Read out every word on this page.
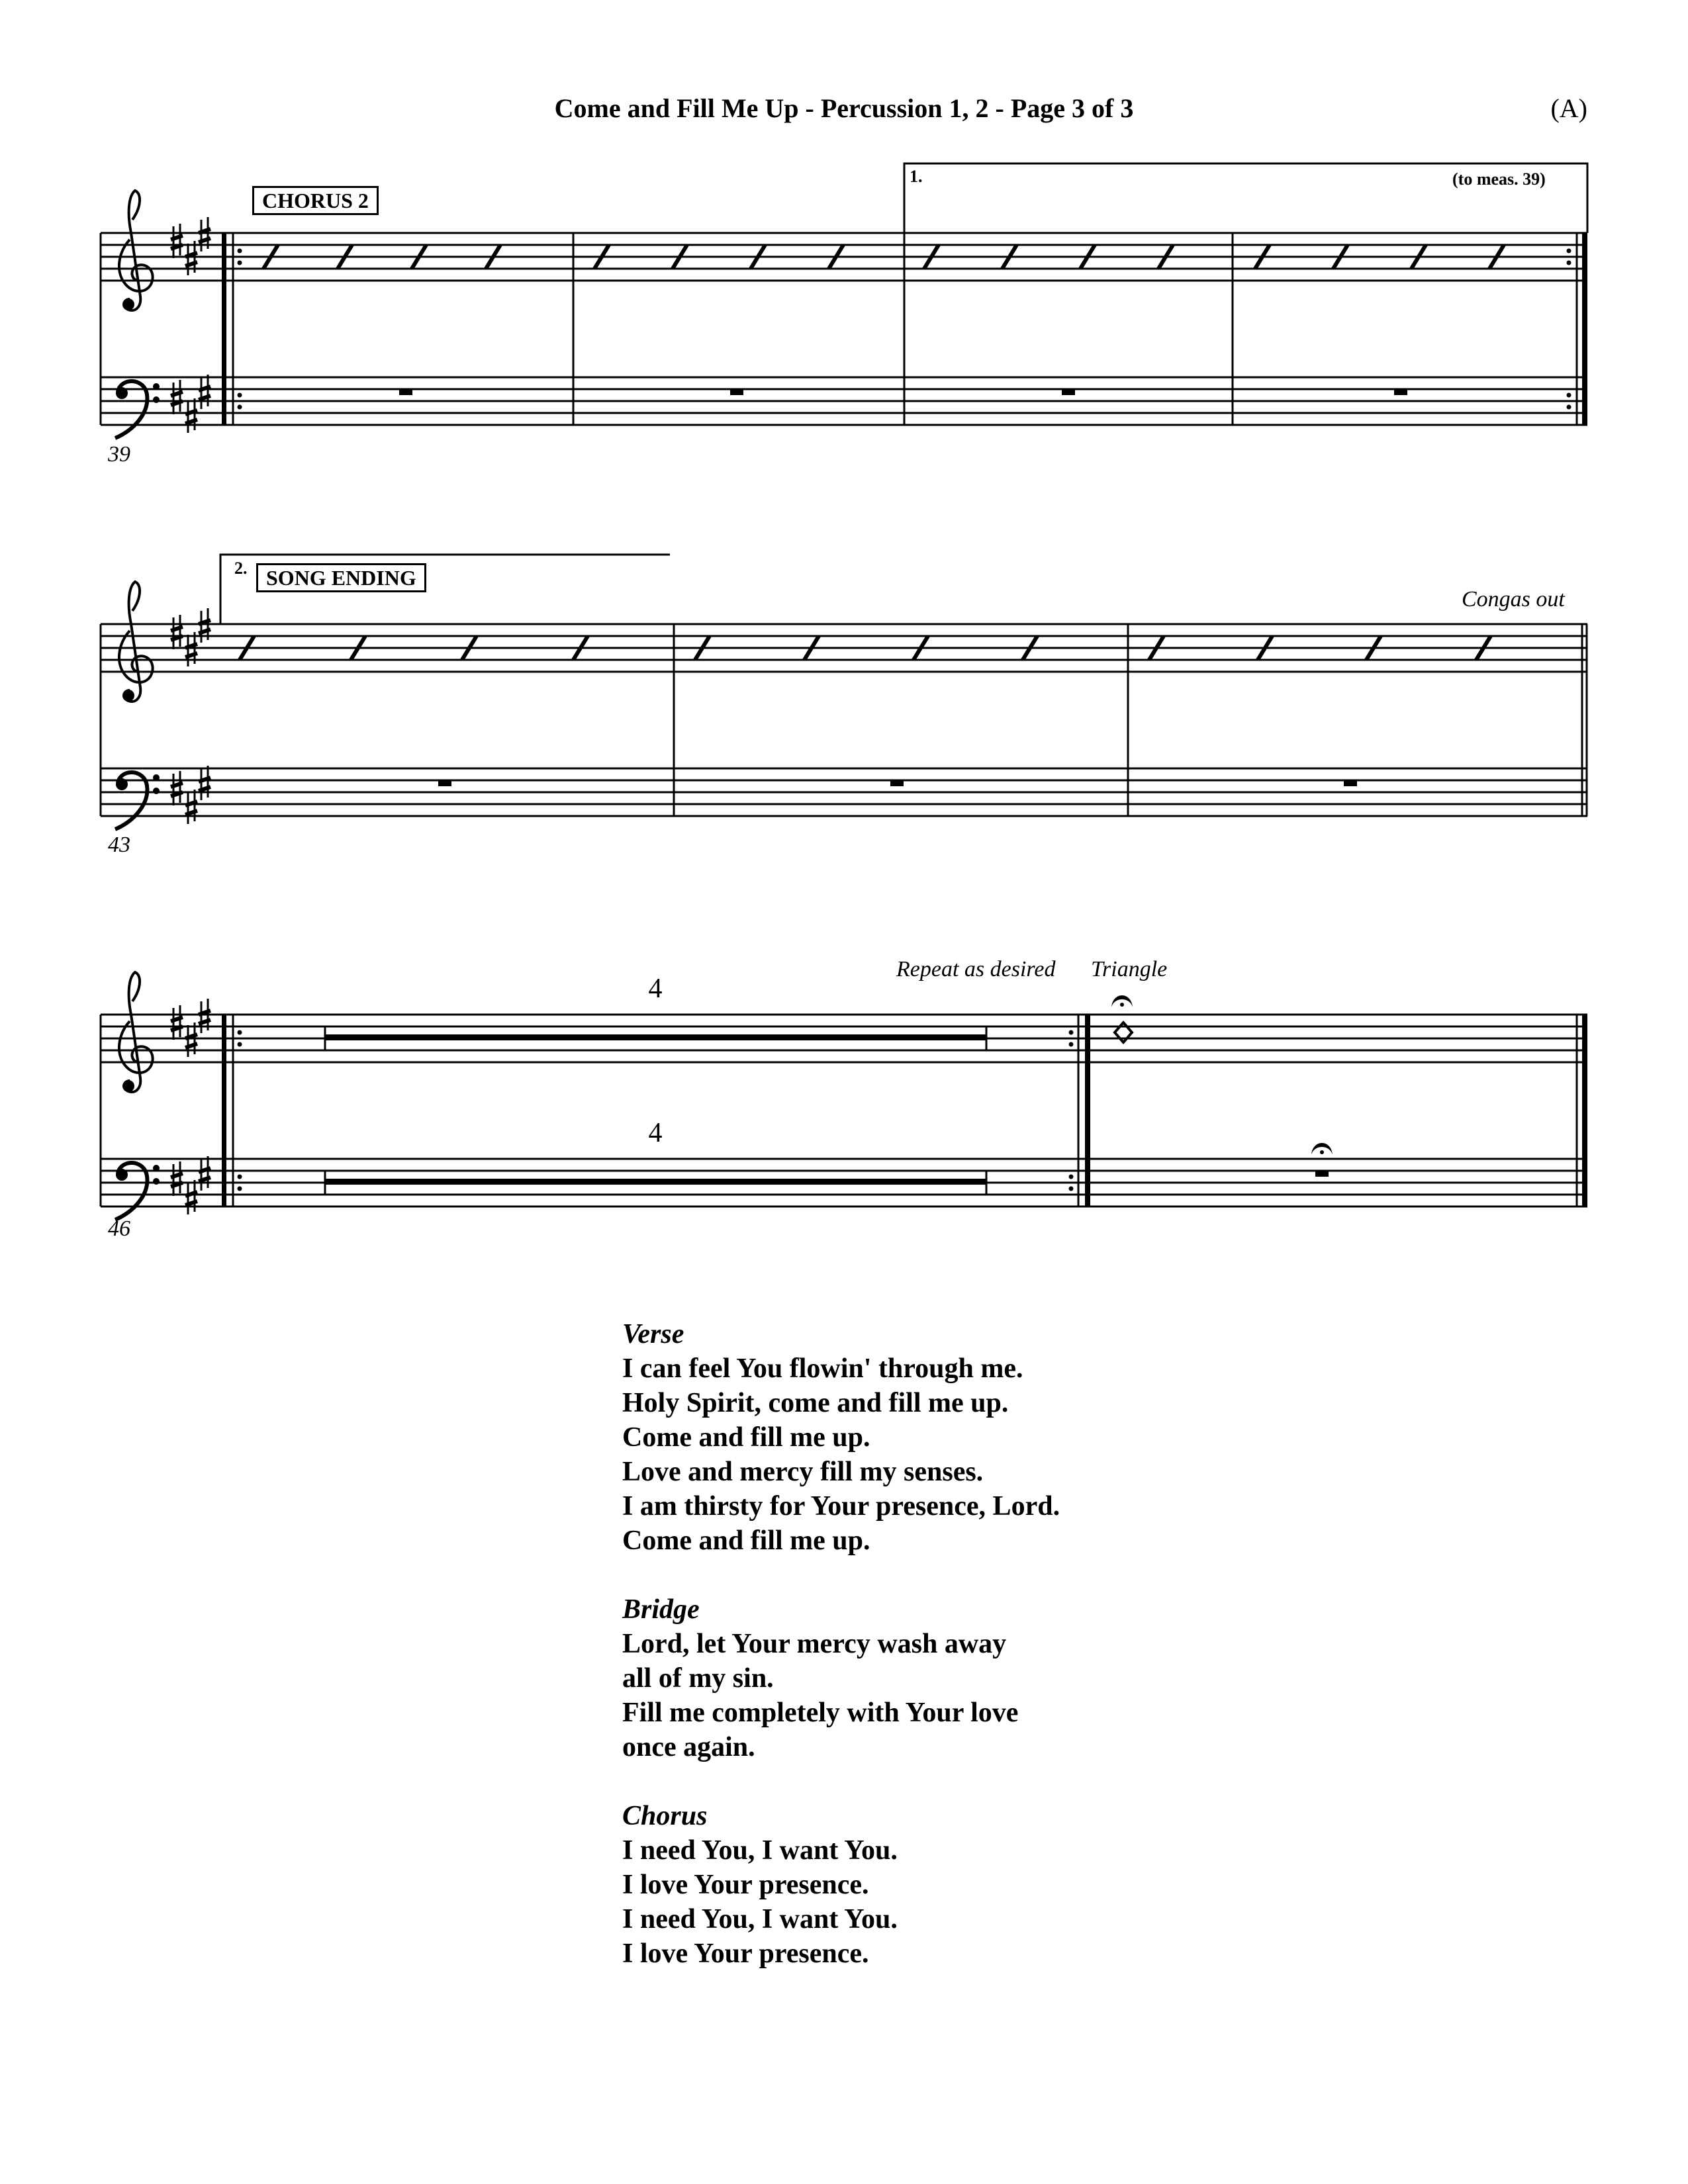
Come and Fill Me Up - Percussion 1, 2 - Page 3 of 3	(A)
CHORUS 2
1.	(to meas. 39)
39
2. SONG ENDING
Congas out
43
Repeat as desired Triangle
4
4
46
Verse
I can feel You flowin' through me.
Holy Spirit, come and fill me up.
Come and fill me up.
Love and mercy fill my senses.
I am thirsty for Your presence, Lord.
Come and fill me up.
Bridge
Lord, let Your mercy wash away
all of my sin.
Fill me completely with Your love
once again.
Chorus
I need You, I want You.
I love Your presence.
I need You, I want You.
I love Your presence.
